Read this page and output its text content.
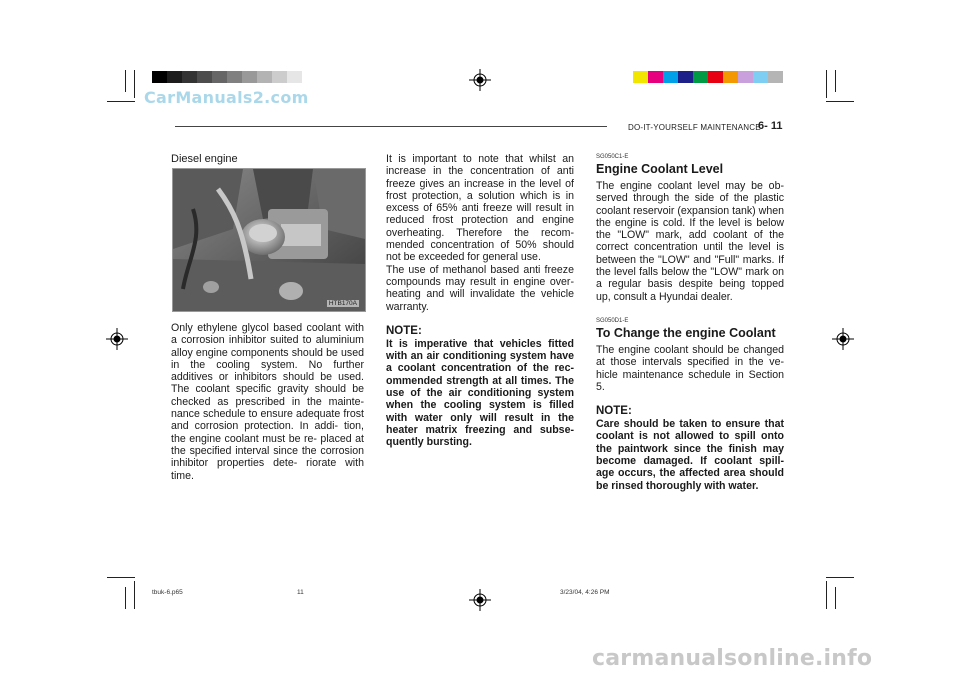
CarManuals2.com
carmanualsonline.info
DO-IT-YOURSELF MAINTENANCE
6- 11
Diesel engine
HTB170A

Only ethylene glycol based coolant with a corrosion inhibitor suited to aluminium alloy engine components should be used in the cooling system. No further additives or inhibitors should be used. The coolant specific gravity should be checked as prescribed in the mainte- nance schedule to ensure adequate frost and corrosion protection. In addi- tion, the engine coolant must be re- placed at the specified interval since the corrosion inhibitor properties dete- riorate with time.

It is important to note that whilst an increase in the concentration of anti freeze gives an increase in the level of frost protection, a solution which is in excess of 65% anti freeze will result in reduced frost protection and engine overheating. Therefore the recom- mended concentration of 50% should not be exceeded for general use.

The use of methanol based anti freeze compounds may result in engine over- heating and will invalidate the vehicle warranty.

NOTE:

It is imperative that vehicles fitted with an air conditioning system have a coolant concentration of the rec- ommended strength at all times. The use of the air conditioning system when the cooling system is filled with water only will result in the heater matrix freezing and subse- quently bursting.

SG050C1-E
Engine Coolant Level

The engine coolant level may be ob- served through the side of the plastic coolant reservoir (expansion tank) when the engine is cold. If the level is below the "LOW" mark, add coolant of the correct concentration until the level is between the "LOW" and "Full" marks. If the level falls below the "LOW" mark on a regular basis despite being topped up, consult a Hyundai dealer.

SG050D1-E
To Change the engine Coolant

The engine coolant should be changed at those intervals specified in the ve- hicle maintenance schedule in Section 5.

NOTE:

Care should be taken to ensure that coolant is not allowed to spill onto the paintwork since the finish may become damaged. If coolant spill- age occurs, the affected area should be rinsed thoroughly with water.

tbuk-6.p65	11	3/23/04, 4:26 PM
